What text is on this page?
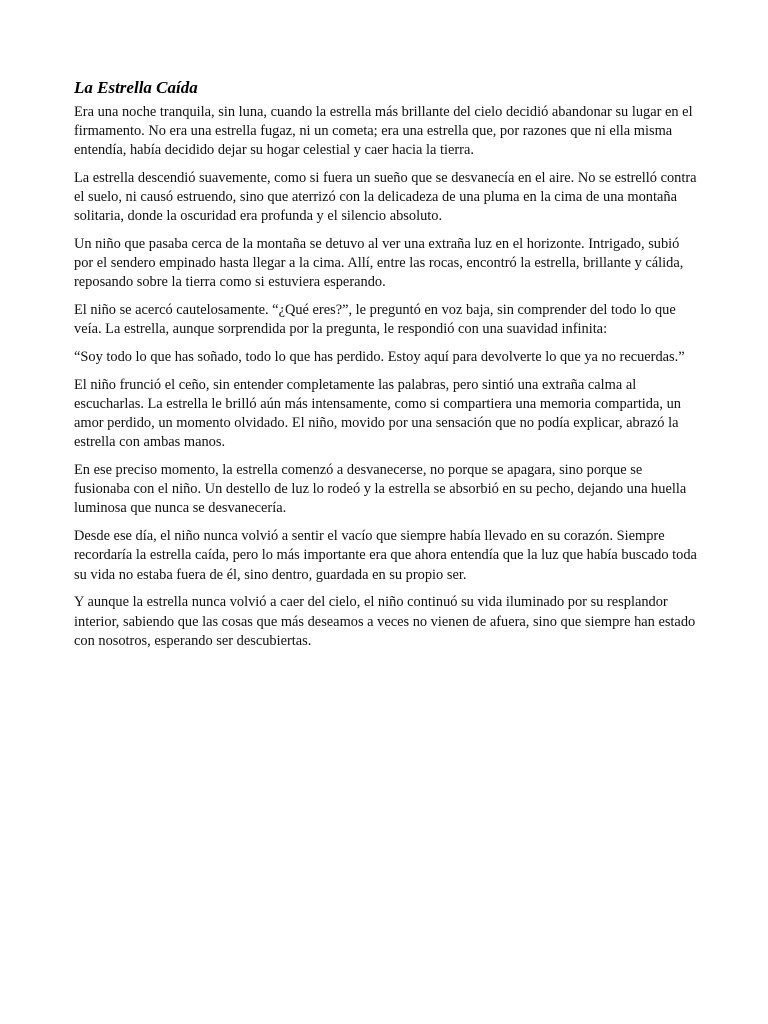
La Estrella Caída

Era una noche tranquila, sin luna, cuando la estrella más brillante del cielo decidió abandonar su lugar en el firmamento. No era una estrella fugaz, ni un cometa; era una estrella que, por razones que ni ella misma entendía, había decidido dejar su hogar celestial y caer hacia la tierra.

La estrella descendió suavemente, como si fuera un sueño que se desvanecía en el aire. No se estrelló contra el suelo, ni causó estruendo, sino que aterrizó con la delicadeza de una pluma en la cima de una montaña solitaria, donde la oscuridad era profunda y el silencio absoluto.

Un niño que pasaba cerca de la montaña se detuvo al ver una extraña luz en el horizonte. Intrigado, subió por el sendero empinado hasta llegar a la cima. Allí, entre las rocas, encontró la estrella, brillante y cálida, reposando sobre la tierra como si estuviera esperando.

El niño se acercó cautelosamente. “¿Qué eres?”, le preguntó en voz baja, sin comprender del todo lo que veía. La estrella, aunque sorprendida por la pregunta, le respondió con una suavidad infinita:

“Soy todo lo que has soñado, todo lo que has perdido. Estoy aquí para devolverte lo que ya no recuerdas.”

El niño frunció el ceño, sin entender completamente las palabras, pero sintió una extraña calma al escucharlas. La estrella le brilló aún más intensamente, como si compartiera una memoria compartida, un amor perdido, un momento olvidado. El niño, movido por una sensación que no podía explicar, abrazó la estrella con ambas manos.

En ese preciso momento, la estrella comenzó a desvanecerse, no porque se apagara, sino porque se fusionaba con el niño. Un destello de luz lo rodeó y la estrella se absorbió en su pecho, dejando una huella luminosa que nunca se desvanecería.

Desde ese día, el niño nunca volvió a sentir el vacío que siempre había llevado en su corazón. Siempre recordaría la estrella caída, pero lo más importante era que ahora entendía que la luz que había buscado toda su vida no estaba fuera de él, sino dentro, guardada en su propio ser.

Y aunque la estrella nunca volvió a caer del cielo, el niño continuó su vida iluminado por su resplandor interior, sabiendo que las cosas que más deseamos a veces no vienen de afuera, sino que siempre han estado con nosotros, esperando ser descubiertas.
